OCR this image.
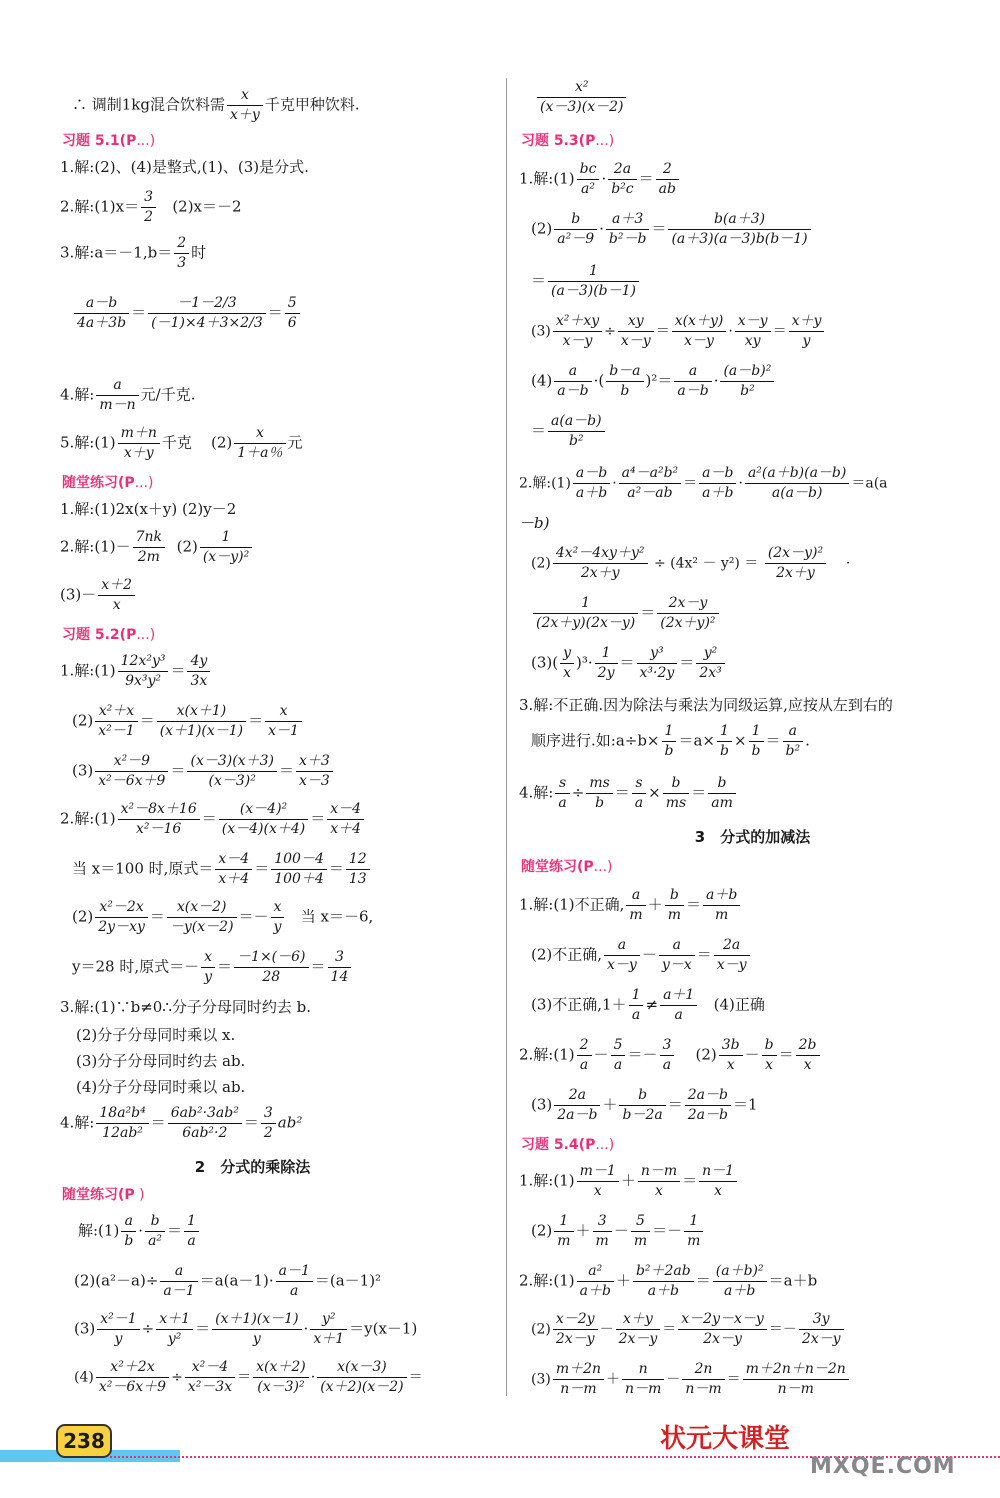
∴ 调制1kg混合饮料需 $\frac{x}{x+y}$ 千克甲种饮料.
习题 5.1(P...)
1.解:(2)、(4)是整式,(1)、(3)是分式.
2.解:(1)x＝ $\frac{3}{2} (2)x=-2$
3.解:a＝－1,b＝ $\frac{2}{3}$ 时
$\frac{a-b}{4a+3b} = \frac{-1-2/3}{(-1)\times 4+3\times 2/3} = \frac{5}{6}$
4.解: $\frac{a}{m-n}$ 元/千克.
5.解:(1) $\frac{m+n}{x+y}$ 千克 $(2) \frac{x}{1+a\%}$ 元
随堂练习(P...)
1.解:(1)2x(x＋y) (2)y－2
2.解:(1)－ $\frac{7nk}{2m} (2) \frac{1}{\text{(x－y)²}}$
$(3)- \frac{x+2}{x}$
习题 5.2(P...)
1.解:(1) $\frac{\text{12x²y³}}{\text{9x³y²}} = \frac{4y}{3x}$
$(2) \frac{\text{x²＋x}}{\text{x²－1}} = \frac{x(x+1)}{(x+1)(x-1)} = \frac{x}{x-1}$
$(3) \frac{\text{x²－9}}{\text{x²－6x＋9}} = \frac{(x-3)(x+3)}{\text{(x－3)²}} = \frac{x+3}{x-3}$
2.解:(1) $\frac{\text{x²－8x＋16}}{\text{x²－16}} = \frac{\text{(x－4)²}}{(x-4)(x+4)} = \frac{x-4}{x+4}$
当 x＝100 时,原式＝ $\frac{x-4}{x+4} = \frac{100-4}{100+4} = \frac{12}{13}$
$(2) \frac{\text{x²－2x}}{2y-xy} = \frac{x(x-2)}{-y(x-2)} =- \frac{x}{y}$ 当 x＝－6,
y＝28 时,原式＝－ $\frac{x}{y} = \frac{-1\times(-6)}{28} = \frac{3}{14}$
3.解:(1)∵b≠0∴分子分母同时约去 b.
(2)分子分母同时乘以 x.
(3)分子分母同时约去 ab.
(4)分子分母同时乘以 ab.
4.解: $\frac{\text{18a²b⁴}}{\text{12ab²}} = \frac{\text{6ab²·3ab²}}{\text{6ab²·2}} = \frac{3}{2} ab^2$
2　分式的乘除法
随堂练习(P )
解:(1) $\frac{a}{b} \cdot \frac{b}{\text{a²}} = \frac{1}{a}$
$(2)(a^2-a)\div \frac{a}{a-1} =a(a-1)\cdot \frac{a-1}{a} =(a-1)^2$
$(3) \frac{\text{x²－1}}{y} \div \frac{x+1}{\text{y²}} = \frac{(x+1)(x-1)}{y} \cdot \frac{\text{y²}}{x+1} =y(x-1)$
$(4) \frac{\text{x²＋2x}}{\text{x²－6x＋9}} \div \frac{\text{x²－4}}{\text{x²－3x}} = \frac{x(x+2)}{\text{(x－3)²}} \cdot \frac{x(x-3)}{(x+2)(x-2)}$ ＝
$\frac{\text{x²}}{(x-3)(x-2)}$
习题 5.3(P...)
1.解:(1) $\frac{bc}{\text{a²}} \cdot \frac{2a}{\text{b²c}} = \frac{2}{ab}$
$(2) \frac{b}{\text{a²－9}} \cdot \frac{a+3}{\text{b²－b}} = \frac{b(a+3)}{(a+3)(a-3)b(b-1)}$
＝ $\frac{1}{(a-3)(b-1)}$
$(3) \frac{\text{x²＋xy}}{x-y} \div \frac{xy}{x-y} = \frac{x(x+y)}{x-y} \cdot \frac{x-y}{xy} = \frac{x+y}{y}$
$(4) \frac{a}{a-b}$ ·( $\frac{b-a}{b} )^2= \frac{a}{a-b} \cdot \frac{\text{(a－b)²}}{\text{b²}}$
＝ $\frac{a(a-b)}{\text{b²}}$
2.解:(1) $\frac{a-b}{a+b} \cdot \frac{\text{a⁴－a²b²}}{\text{a²－ab}} = \frac{a-b}{a+b} \cdot \frac{\text{a²(a＋b)(a－b)}}{a(a-b)} =a(a$
－b)
$(2) \frac{\text{4x²－4xy＋y²}}{2x+y} \div (4x^2 - y^2) = \frac{\text{(2x－y)²}}{2x+y}$ ·
$\frac{1}{(2x+y)(2x-y)} = \frac{2x-y}{\text{(2x＋y)²}}$
$(3)( \frac{y}{x} )^3\cdot \frac{1}{2y} = \frac{\text{y³}}{\text{x³·2y}} = \frac{\text{y²}}{\text{2x³}}$
3.解:不正确.因为除法与乘法为同级运算,应按从左到右的
顺序进行.如:a÷b× $\frac{1}{b} =a\times \frac{1}{b} \times \frac{1}{b} = \frac{a}{\text{b²}}$ .
4.解: $\frac{s}{a} \div \frac{ms}{b} = \frac{s}{a} \times \frac{b}{ms} = \frac{b}{am}$
3　分式的加减法
随堂练习(P...)
1.解:(1)不正确, $\frac{a}{m} + \frac{b}{m} = \frac{a+b}{m}$
(2)不正确, $\frac{a}{x-y} - \frac{a}{y-x} = \frac{2a}{x-y}$
(3)不正确$,1+ \frac{1}{a} \ne \frac{a+1}{a} (4)$正确
2.解:(1) $\frac{2}{a} - \frac{5}{a} =- \frac{3}{a} (2) \frac{3b}{x} - \frac{b}{x} = \frac{2b}{x}$
$(3) \frac{2a}{2a-b} + \frac{b}{b-2a} = \frac{2a-b}{2a-b} =1$
习题 5.4(P...)
1.解:(1) $\frac{m-1}{x} + \frac{n-m}{x} = \frac{n-1}{x}$
$(2) \frac{1}{m} + \frac{3}{m} - \frac{5}{m} =- \frac{1}{m}$
2.解:(1) $\frac{\text{a²}}{a+b} + \frac{\text{b²＋2ab}}{a+b} = \frac{\text{(a＋b)²}}{a+b} =a+b$
$(2) \frac{x-2y}{2x-y} - \frac{x+y}{2x-y} = \frac{x-2y-x-y}{2x-y} =- \frac{3y}{2x-y}$
$(3) \frac{m+2n}{n-m} + \frac{n}{n-m} - \frac{2n}{n-m} = \frac{m+2n+n-2n}{n-m}$
238	状元大课堂
MXQE.COM
